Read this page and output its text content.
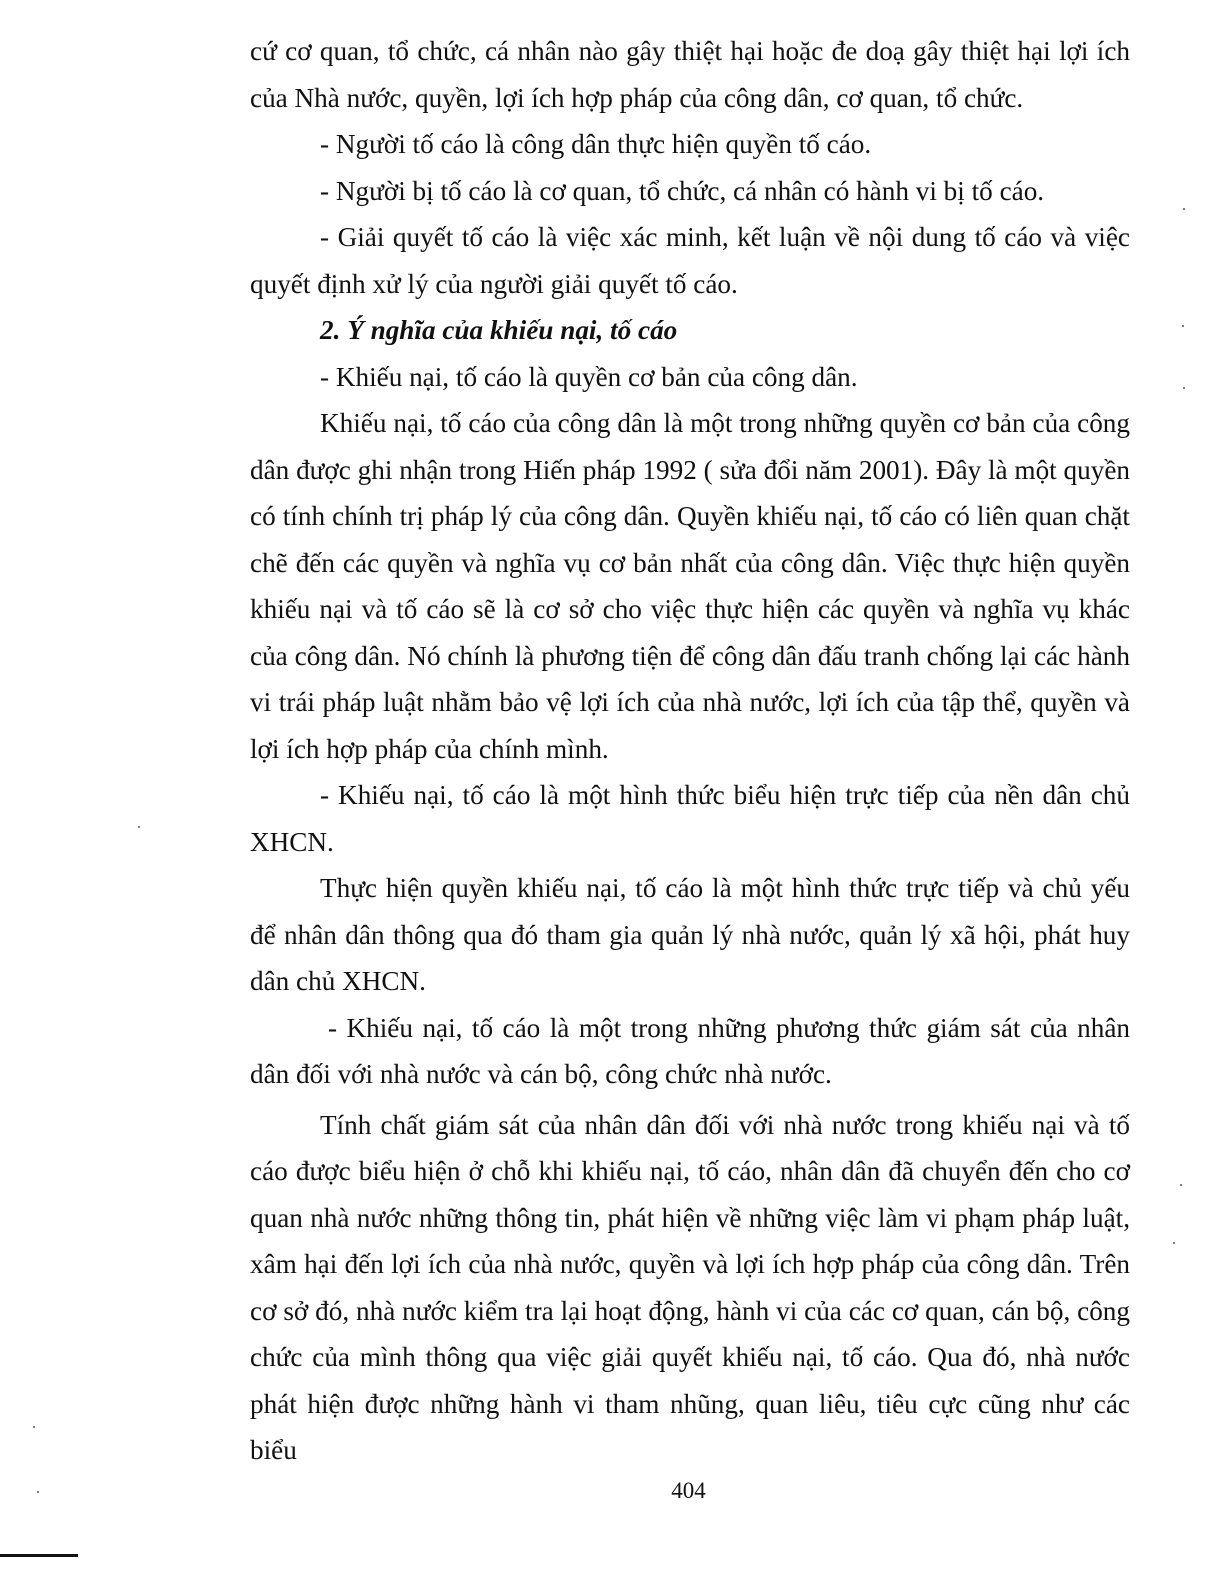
cứ cơ quan, tổ chức, cá nhân nào gây thiệt hại hoặc đe doạ gây thiệt hại lợi ích của Nhà nước, quyền, lợi ích hợp pháp của công dân, cơ quan, tổ chức.

- Người tố cáo là công dân thực hiện quyền tố cáo.

- Người bị tố cáo là cơ quan, tổ chức, cá nhân có hành vi bị tố cáo.

- Giải quyết tố cáo là việc xác minh, kết luận về nội dung tố cáo và việc quyết định xử lý của người giải quyết tố cáo.

2. Ý nghĩa của khiếu nại, tố cáo

- Khiếu nại, tố cáo là quyền cơ bản của công dân.

Khiếu nại, tố cáo của công dân là một trong những quyền cơ bản của công dân được ghi nhận trong Hiến pháp 1992 ( sửa đổi năm 2001). Đây là một quyền có tính chính trị pháp lý của công dân. Quyền khiếu nại, tố cáo có liên quan chặt chẽ đến các quyền và nghĩa vụ cơ bản nhất của công dân. Việc thực hiện quyền khiếu nại và tố cáo sẽ là cơ sở cho việc thực hiện các quyền và nghĩa vụ khác của công dân. Nó chính là phương tiện để công dân đấu tranh chống lại các hành vi trái pháp luật nhằm bảo vệ lợi ích của nhà nước, lợi ích của tập thể, quyền và lợi ích hợp pháp của chính mình.

- Khiếu nại, tố cáo là một hình thức biểu hiện trực tiếp của nền dân chủ XHCN.

Thực hiện quyền khiếu nại, tố cáo là một hình thức trực tiếp và chủ yếu để nhân dân thông qua đó tham gia quản lý nhà nước, quản lý xã hội, phát huy dân chủ XHCN.

- Khiếu nại, tố cáo là một trong những phương thức giám sát của nhân dân đối với nhà nước và cán bộ, công chức nhà nước.

Tính chất giám sát của nhân dân đối với nhà nước trong khiếu nại và tố cáo được biểu hiện ở chỗ khi khiếu nại, tố cáo, nhân dân đã chuyển đến cho cơ quan nhà nước những thông tin, phát hiện về những việc làm vi phạm pháp luật, xâm hại đến lợi ích của nhà nước, quyền và lợi ích hợp pháp của công dân. Trên cơ sở đó, nhà nước kiểm tra lại hoạt động, hành vi của các cơ quan, cán bộ, công chức của mình thông qua việc giải quyết khiếu nại, tố cáo. Qua đó, nhà nước phát hiện được những hành vi tham nhũng, quan liêu, tiêu cực cũng như các biểu

404
